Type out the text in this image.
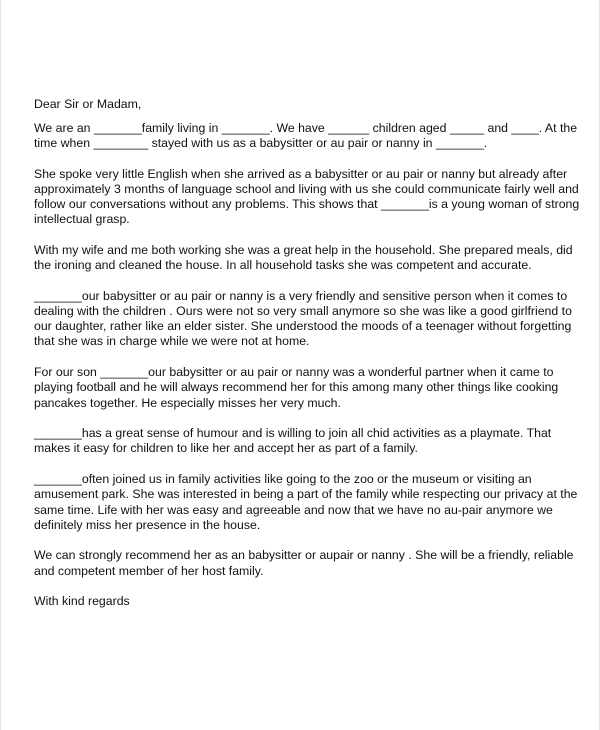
Dear Sir or Madam,

We are an _______family living in _______. We have ______ children aged _____ and ____. At the time when ________ stayed with us as a babysitter or au pair or nanny in _______.

She spoke very little English when she arrived as a babysitter or au pair or nanny but already after approximately 3 months of language school and living with us she could communicate fairly well and follow our conversations without any problems. This shows that _______is a young woman of strong intellectual grasp.

With my wife and me both working she was a great help in the household. She prepared meals, did the ironing and cleaned the house. In all household tasks she was competent and accurate.

_______our babysitter or au pair or nanny is a very friendly and sensitive person when it comes to dealing with the children . Ours were not so very small anymore so she was like a good girlfriend to our daughter, rather like an elder sister. She understood the moods of a teenager without forgetting that she was in charge while we were not at home.

For our son _______our babysitter or au pair or nanny was a wonderful partner when it came to playing football and he will always recommend her for this among many other things like cooking pancakes together. He especially misses her very much.

_______has a great sense of humour and is willing to join all chid activities as a playmate. That makes it easy for children to like her and accept her as part of a family.

_______often joined us in family activities like going to the zoo or the museum or visiting an amusement park. She was interested in being a part of the family while respecting our privacy at the same time. Life with her was easy and agreeable and now that we have no au-pair anymore we definitely miss her presence in the house.

We can strongly recommend her as an babysitter or aupair or nanny . She will be a friendly, reliable and competent member of her host family.

With kind regards
